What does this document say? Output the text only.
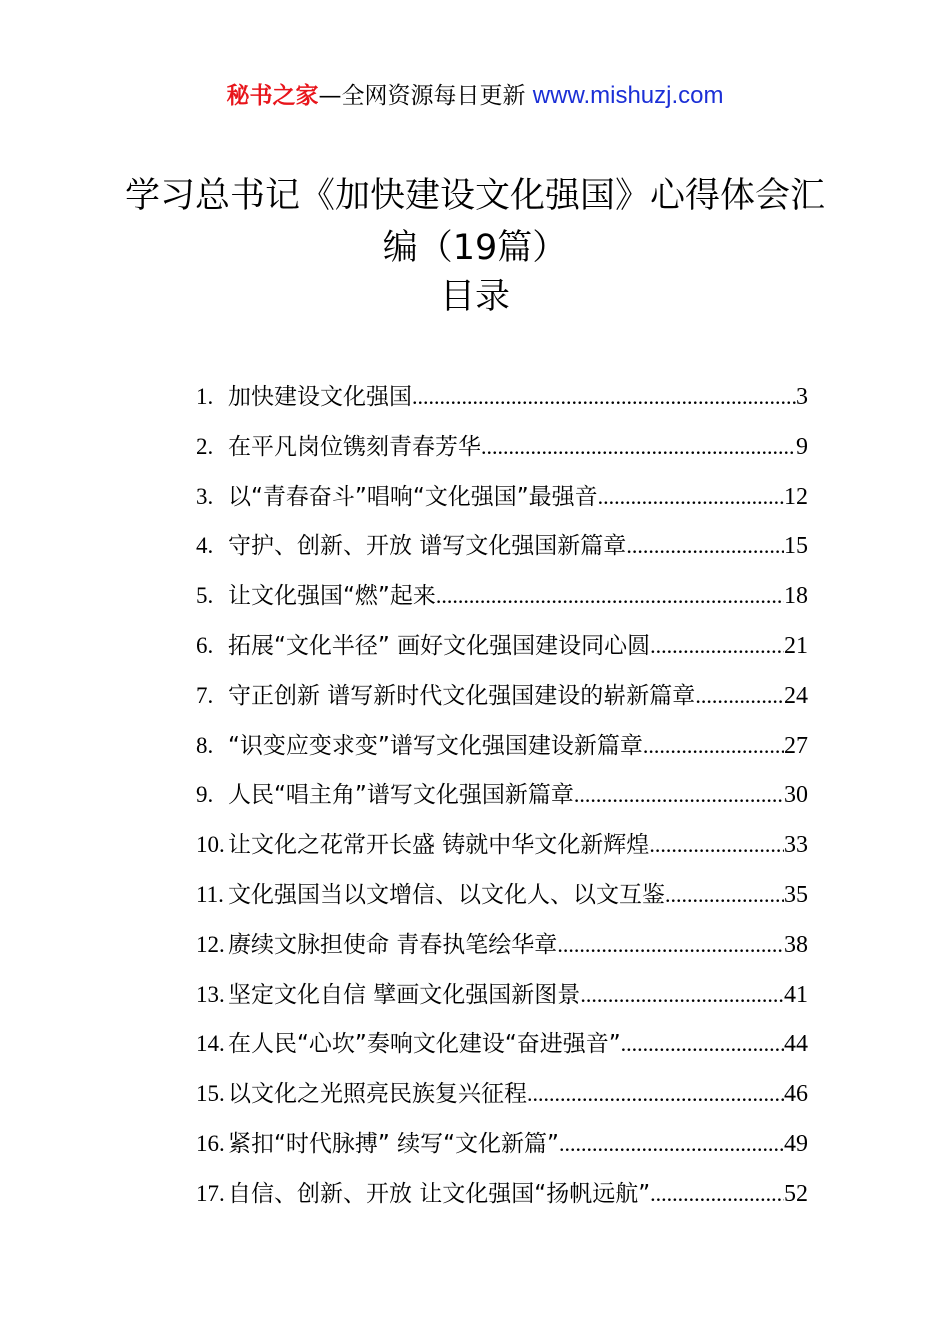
秘书之家—全网资源每日更新 www.mishuzj.com
学习总书记《加快建设文化强国》心得体会汇编（19篇）
目录
1. 加快建设文化强国 .....	3
2. 在平凡岗位镌刻青春芳华 .....	9
3. 以“青春奋斗”唱响“文化强国”最强音 .....	12
4. 守护、创新、开放 谱写文化强国新篇章 .....	15
5. 让文化强国“燃”起来 .....	18
6. 拓展“文化半径” 画好文化强国建设同心圆 .....	21
7. 守正创新 谱写新时代文化强国建设的崭新篇章 .....	24
8. “识变应变求变”谱写文化强国建设新篇章 .....	27
9. 人民“唱主角”谱写文化强国新篇章 .....	30
10. 让文化之花常开长盛 铸就中华文化新辉煌 .....	33
11. 文化强国当以文增信、以文化人、以文互鉴 .....	35
12. 赓续文脉担使命 青春执笔绘华章 .....	38
13. 坚定文化自信 擘画文化强国新图景 .....	41
14. 在人民“心坎”奏响文化建设“奋进强音” .....	44
15. 以文化之光照亮民族复兴征程 .....	46
16. 紧扣“时代脉搏” 续写“文化新篇” .....	49
17. 自信、创新、开放 让文化强国“扬帆远航” .....	52
